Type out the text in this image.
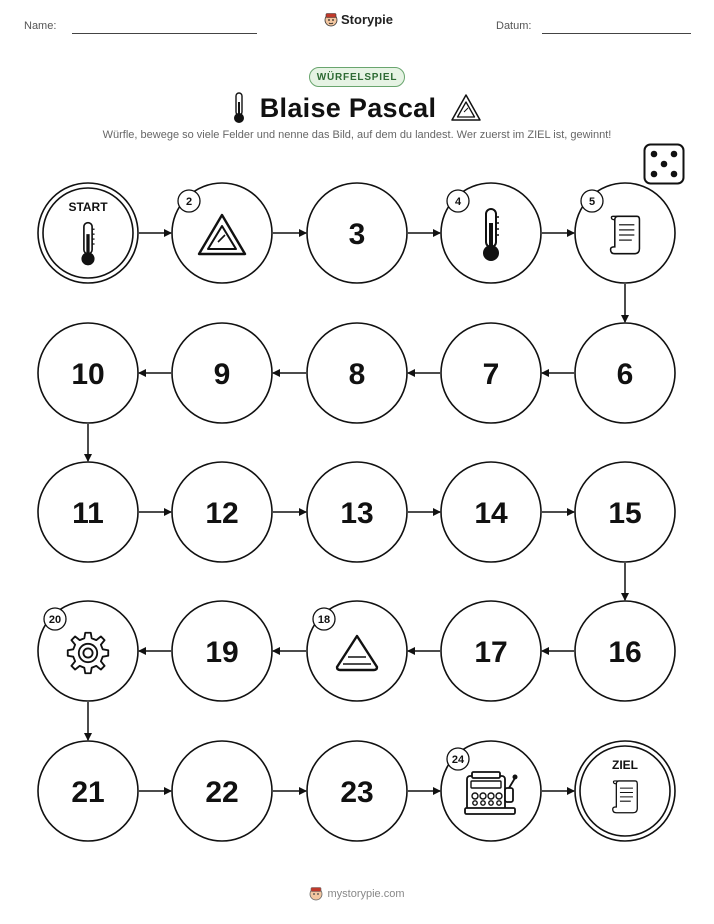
Name:	Storypie	Datum:
WÜRFELSPIEL
Blaise Pascal
Würfle, bewege so viele Felder und nenne das Bild, auf dem du landest. Wer zuerst im ZIEL ist, gewinnt!
START	2
3
4	5
6
7
8
9
10
11	12	13	14	15
16
17
18
19
20
21	22	23
24	ZIEL
mystorypie.com
